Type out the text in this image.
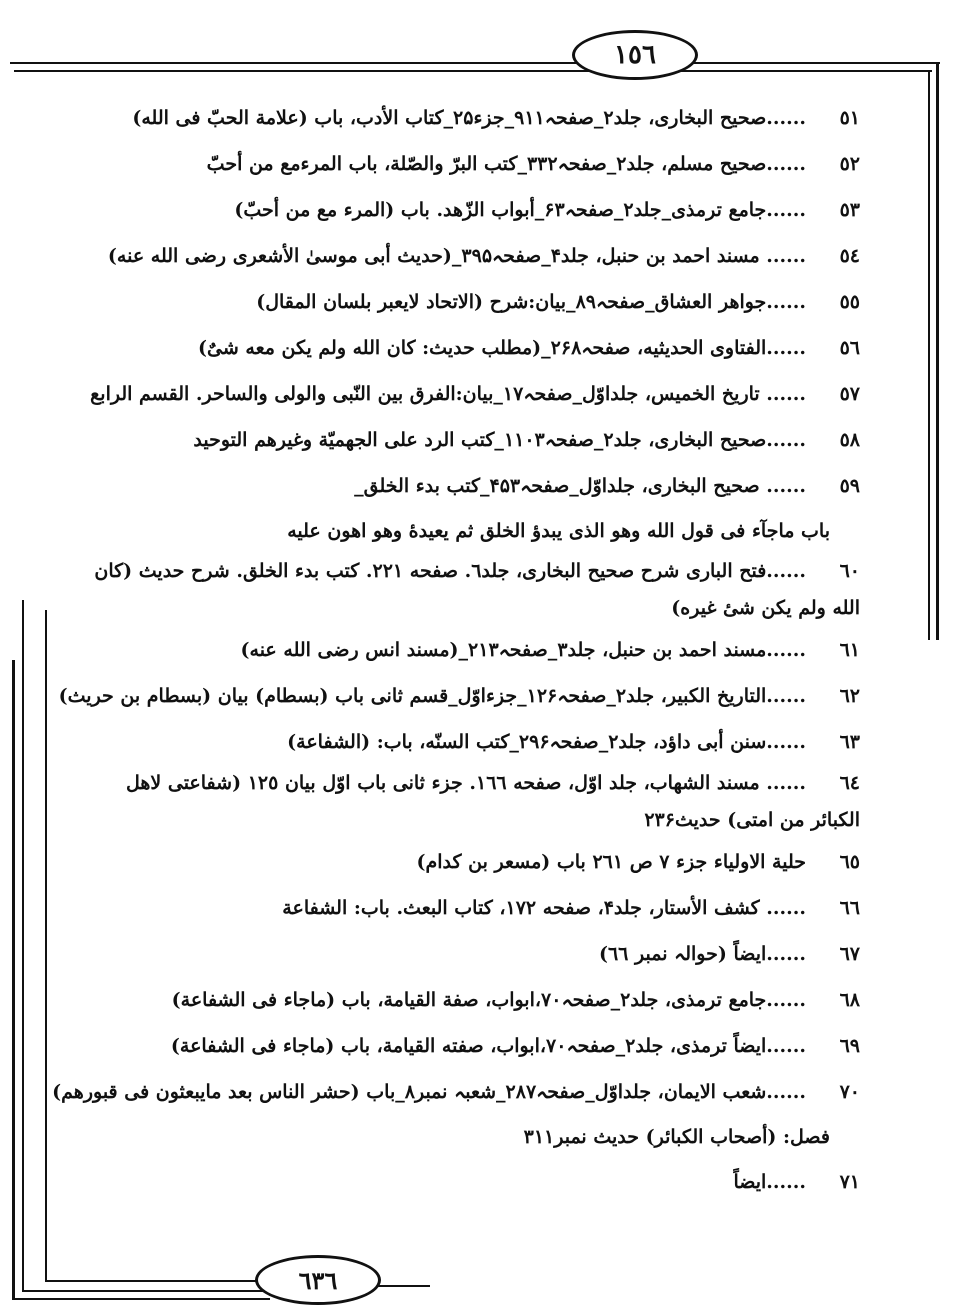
١٥٦
٦٣٦
٥١......صحيح البخاری، جلد۲_صفحہ۹۱۱_جزء۲۵_کتاب الأدب، باب (علامة الحبّ فی الله)
٥٢......صحیح مسلم، جلد۲_صفحہ۳۳۲_کتب البرّ والصّلة، باب المرءمع من أحبّ
٥٣......جامع ترمذی_جلد۲_صفحہ۶۳_أبواب الزّهد. باب (المرء مع من أحبّ)
٥٤...... مسند احمد بن حنبل، جلد۴_صفحہ۳۹۵_(حدیث أبی موسیٰ الأشعری رضی الله عنه)
٥٥......جواهر العشاق_صفحہ۸۹_بیان:شرح (الاتحاد لایعبر بلسان المقال)
٥٦......الفتاوی الحدیثیه، صفحہ۲۶۸_(مطلب حدیث: کان الله ولم یکن معه شیٌ)
٥٧...... تاریخ الخمیس، جلداوّل_صفحہ۱۷_بیان:الفرق بین النّبی والولی والساحر. القسم الرابع
٥٨......صحیح البخاری، جلد۲_صفحہ۱۱۰۳_کتب الرد علی الجهمیّة وغیرهم التوحید
٥٩...... صحیح البخاری، جلداوّل_صفحہ۴۵۳_کتب بدء الخلق_
باب ماجآء فی قول الله وهو الذی یبدؤ الخلق ثم یعیدهٔ وهو اهون علیه
٦٠......فتح الباری شرح صحیح البخاری، جلد٦. صفحه ٢٢١. کتب بدء الخلق. شرح حدیث (کان الله ولم یکن شیٔ غیره)
٦١......مسند احمد بن حنبل، جلد۳_صفحہ۲۱۳_(مسند انس رضی الله عنه)
٦٢......التاریخ الکبیر، جلد۲_صفحہ۱۲۶_جزءاوّل_قسم ثانی باب (بسطام) بیان (بسطام بن حریث)
٦٣......سنن أبی داؤد، جلد۲_صفحہ۲۹۶_کتب السنّه، باب: (الشفاعة)
٦٤...... مسند الشهاب، جلد اوّل، صفحه ١٦٦. جزء ثانی باب اوّل بیان ١٢٥ (شفاعتی لاهل الکبائر من امتی) حدیث۲۳۶
٦٥حلیة الاولیاء جزء ٧ ص ٢٦١ باب (مسعر بن کدام)
٦٦...... کشف الأستار، جلد۴، صفحه ١٧٢، کتاب البعث. باب: الشفاعة
٦٧......ایضاً (حوالہ نمبر ٦٦)
٦٨......جامع ترمذی، جلد۲_صفحہ۷۰،ابواب، صفة القیامة، باب (ماجاء فی الشفاعة)
٦٩......ایضاً ترمذی، جلد۲_صفحہ۷۰،ابواب، صفته القیامة، باب (ماجاء فی الشفاعة)
٧٠......شعب الایمان، جلداوّل_صفحہ۲۸۷_شعبہ نمبر۸_باب (حشر الناس بعد مایبعثون فی قبورهم)
فصل: (أصحاب الکبائر) حدیث نمبر۳۱۱
٧١......ایضاً
